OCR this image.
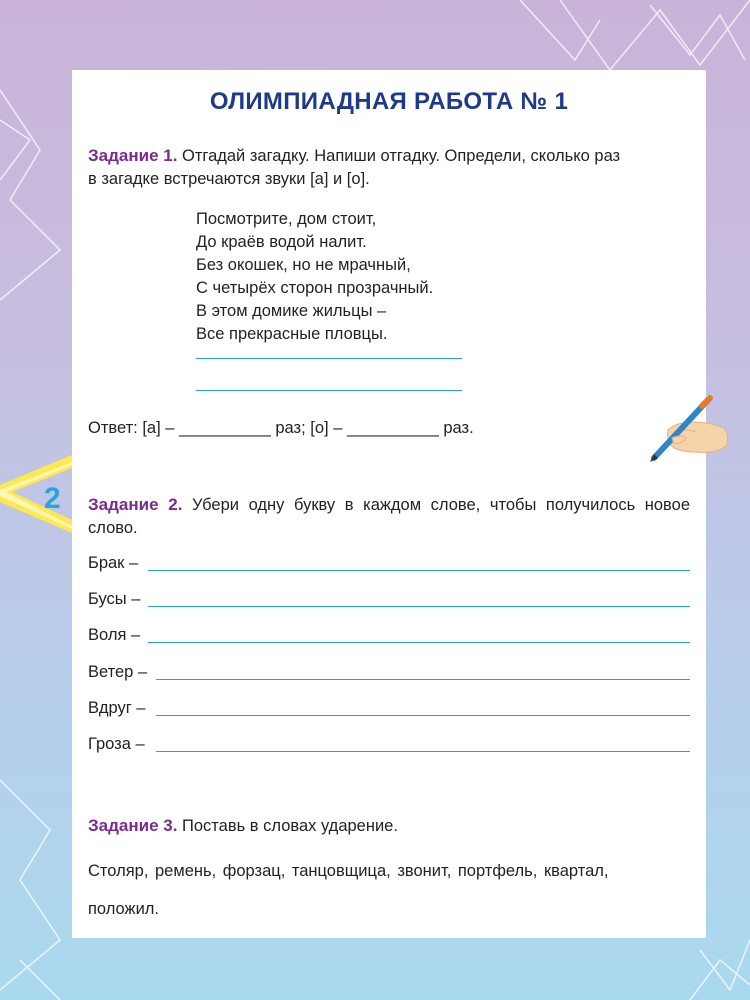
2
ОЛИМПИАДНАЯ РАБОТА № 1
Задание 1. Отгадай загадку. Напиши отгадку. Определи, сколько раз
в загадке встречаются звуки [а] и [о].
Посмотрите, дом стоит,
До краёв водой налит.
Без окошек, но не мрачный,
С четырёх сторон прозрачный.
В этом домике жильцы –
Все прекрасные пловцы.
Ответ: [а] – __________ раз; [о] – __________ раз.
Задание 2. Убери одну букву в каждом слове, чтобы получилось новое слово.
Брак –
Бусы –
Воля –
Ветер –
Вдруг –
Гроза –
Задание 3. Поставь в словах ударение.
Столяр, ремень, форзац, танцовщица, звонит, портфель, квартал,
положил.
